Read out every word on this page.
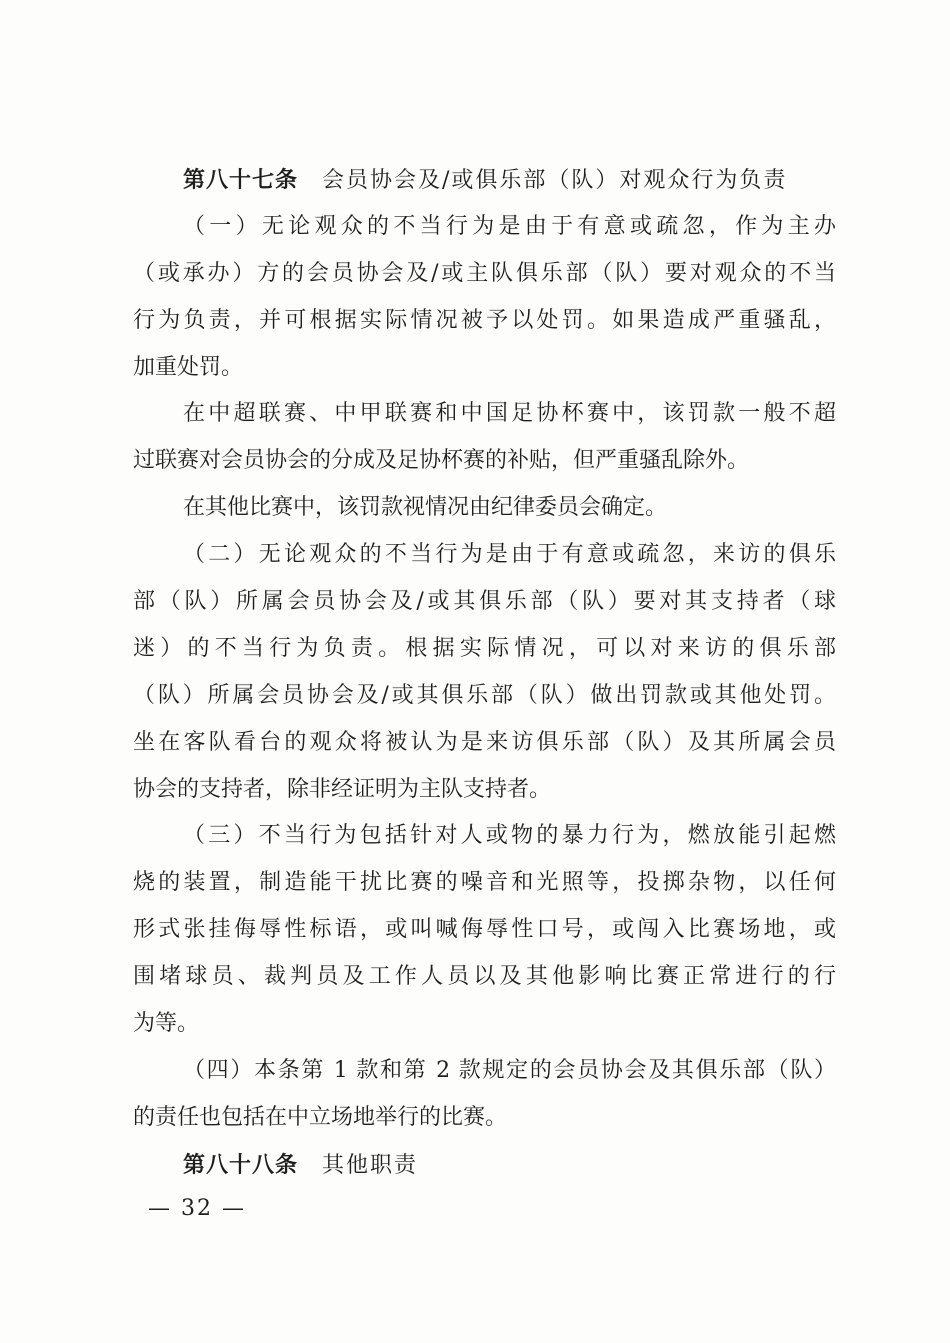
第八十七条 会员协会及/或俱乐部（队）对观众行为负责
（一）无论观众的不当行为是由于有意或疏忽，作为主办
（或承办）方的会员协会及/或主队俱乐部（队）要对观众的不当
行为负责，并可根据实际情况被予以处罚。如果造成严重骚乱，
加重处罚。
在中超联赛、中甲联赛和中国足协杯赛中，该罚款一般不超
过联赛对会员协会的分成及足协杯赛的补贴，但严重骚乱除外。
在其他比赛中，该罚款视情况由纪律委员会确定。
（二）无论观众的不当行为是由于有意或疏忽，来访的俱乐
部（队）所属会员协会及/或其俱乐部（队）要对其支持者（球
迷）的不当行为负责。根据实际情况，可以对来访的俱乐部
（队）所属会员协会及/或其俱乐部（队）做出罚款或其他处罚。
坐在客队看台的观众将被认为是来访俱乐部（队）及其所属会员
协会的支持者，除非经证明为主队支持者。
（三）不当行为包括针对人或物的暴力行为，燃放能引起燃
烧的装置，制造能干扰比赛的噪音和光照等，投掷杂物，以任何
形式张挂侮辱性标语，或叫喊侮辱性口号，或闯入比赛场地，或
围堵球员、裁判员及工作人员以及其他影响比赛正常进行的行
为等。
（四）本条第 1 款和第 2 款规定的会员协会及其俱乐部（队）
的责任也包括在中立场地举行的比赛。
第八十八条 其他职责
— 32 —
